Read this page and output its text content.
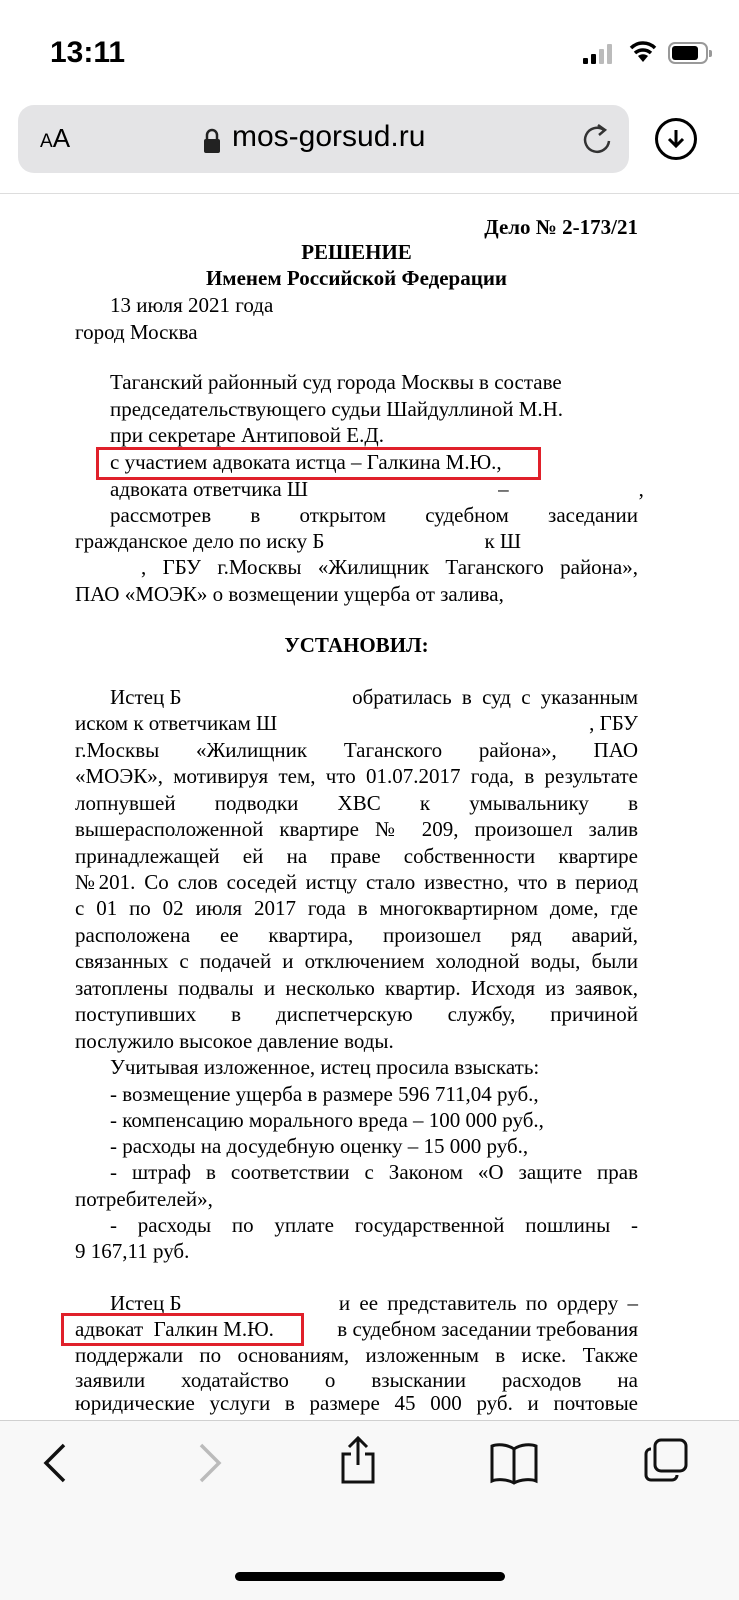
13:11
AA	mos-gorsud.ru
Дело № 2-173/21
РЕШЕНИЕ
Именем Российской Федерации
13 июля 2021 года
город Москва
Таганский районный суд города Москвы в составе
председательствующего судьи Шайдуллиной М.Н.
при секретаре Антиповой Е.Д.
с участием адвоката истца – Галкина М.Ю.,
адвоката ответчика Ш	–	,
рассмотрев в открытом судебном заседании
гражданское дело по иску Б	к Ш
, ГБУ г.Москвы «Жилищник Таганского района»,
ПАО «МОЭК» о возмещении ущерба от залива,
УСТАНОВИЛ:
Истец Б	обратилась в суд с указанным
иском к ответчикам Ш	, ГБУ
г.Москвы «Жилищник Таганского района», ПАО
«МОЭК», мотивируя тем, что 01.07.2017 года, в результате
лопнувшей подводки ХВС к умывальнику в
вышерасположенной квартире № 209, произошел залив
принадлежащей ей на праве собственности квартире
№201. Со слов соседей истцу стало известно, что в период
с 01 по 02 июля 2017 года в многоквартирном доме, где
расположена ее квартира, произошел ряд аварий,
связанных с подачей и отключением холодной воды, были
затоплены подвалы и несколько квартир. Исходя из заявок,
поступивших в диспетчерскую службу, причиной
послужило высокое давление воды.
Учитывая изложенное, истец просила взыскать:
- возмещение ущерба в размере 596 711,04 руб.,
- компенсацию морального вреда – 100 000 руб.,
- расходы на досудебную оценку – 15 000 руб.,
- штраф в соответствии с Законом «О защите прав
потребителей»,
- расходы по уплате государственной пошлины -
9 167,11 руб.
Истец Б	и ее представитель по ордеру –
адвокат  Галкин М.Ю.	в судебном заседании требования
поддержали по основаниям, изложенным в иске. Также
заявили ходатайство о взыскании расходов на
юридические услуги в размере 45 000 руб. и почтовые
